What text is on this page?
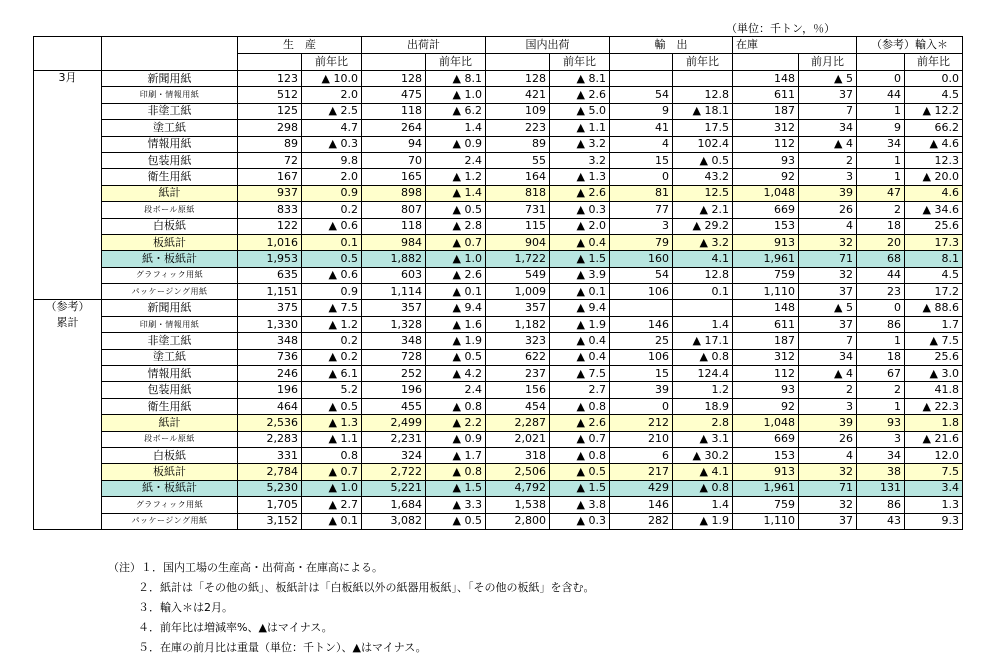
（単位：千トン，％）
		生　産		出荷計		国内出荷		輸　出		在庫		（参考）輸入＊	
			前年比		前年比		前年比		前年比		前月比		前年比
3月	新聞用紙	123	▲ 10.0	128	▲ 8.1	128	▲ 8.1			148	▲ 5	0	0.0
	印刷・情報用紙	512	2.0	475	▲ 1.0	421	▲ 2.6	54	12.8	611	37	44	4.5
	非塗工紙	125	▲ 2.5	118	▲ 6.2	109	▲ 5.0	9	▲ 18.1	187	7	1	▲ 12.2
	塗工紙	298	4.7	264	1.4	223	▲ 1.1	41	17.5	312	34	9	66.2
	情報用紙	89	▲ 0.3	94	▲ 0.9	89	▲ 3.2	4	102.4	112	▲ 4	34	▲ 4.6
	包装用紙	72	9.8	70	2.4	55	3.2	15	▲ 0.5	93	2	1	12.3
	衛生用紙	167	2.0	165	▲ 1.2	164	▲ 1.3	0	43.2	92	3	1	▲ 20.0
	紙計	937	0.9	898	▲ 1.4	818	▲ 2.6	81	12.5	1,048	39	47	4.6
	段ボール原紙	833	0.2	807	▲ 0.5	731	▲ 0.3	77	▲ 2.1	669	26	2	▲ 34.6
	白板紙	122	▲ 0.6	118	▲ 2.8	115	▲ 2.0	3	▲ 29.2	153	4	18	25.6
	板紙計	1,016	0.1	984	▲ 0.7	904	▲ 0.4	79	▲ 3.2	913	32	20	17.3
	紙・板紙計	1,953	0.5	1,882	▲ 1.0	1,722	▲ 1.5	160	4.1	1,961	71	68	8.1
	グラフィック用紙	635	▲ 0.6	603	▲ 2.6	549	▲ 3.9	54	12.8	759	32	44	4.5
	パッケージング用紙	1,151	0.9	1,114	▲ 0.1	1,009	▲ 0.1	106	0.1	1,110	37	23	17.2
（参考）	新聞用紙	375	▲ 7.5	357	▲ 9.4	357	▲ 9.4			148	▲ 5	0	▲ 88.6
累計	印刷・情報用紙	1,330	▲ 1.2	1,328	▲ 1.6	1,182	▲ 1.9	146	1.4	611	37	86	1.7
	非塗工紙	348	0.2	348	▲ 1.9	323	▲ 0.4	25	▲ 17.1	187	7	1	▲ 7.5
	塗工紙	736	▲ 0.2	728	▲ 0.5	622	▲ 0.4	106	▲ 0.8	312	34	18	25.6
	情報用紙	246	▲ 6.1	252	▲ 4.2	237	▲ 7.5	15	124.4	112	▲ 4	67	▲ 3.0
	包装用紙	196	5.2	196	2.4	156	2.7	39	1.2	93	2	2	41.8
	衛生用紙	464	▲ 0.5	455	▲ 0.8	454	▲ 0.8	0	18.9	92	3	1	▲ 22.3
	紙計	2,536	▲ 1.3	2,499	▲ 2.2	2,287	▲ 2.6	212	2.8	1,048	39	93	1.8
	段ボール原紙	2,283	▲ 1.1	2,231	▲ 0.9	2,021	▲ 0.7	210	▲ 3.1	669	26	3	▲ 21.6
	白板紙	331	0.8	324	▲ 1.7	318	▲ 0.8	6	▲ 30.2	153	4	34	12.0
	板紙計	2,784	▲ 0.7	2,722	▲ 0.8	2,506	▲ 0.5	217	▲ 4.1	913	32	38	7.5
	紙・板紙計	5,230	▲ 1.0	5,221	▲ 1.5	4,792	▲ 1.5	429	▲ 0.8	1,961	71	131	3.4
	グラフィック用紙	1,705	▲ 2.7	1,684	▲ 3.3	1,538	▲ 3.8	146	1.4	759	32	86	1.3
	パッケージング用紙	3,152	▲ 0.1	3,082	▲ 0.5	2,800	▲ 0.3	282	▲ 1.9	1,110	37	43	9.3
（注）１．国内工場の生産高・出荷高・在庫高による。
２．紙計は「その他の紙」、板紙計は「白板紙以外の紙器用板紙」、「その他の板紙」を含む。
３．輸入＊は2月。
４．前年比は増減率%、▲はマイナス。
５．在庫の前月比は重量（単位：千トン）、▲はマイナス。
